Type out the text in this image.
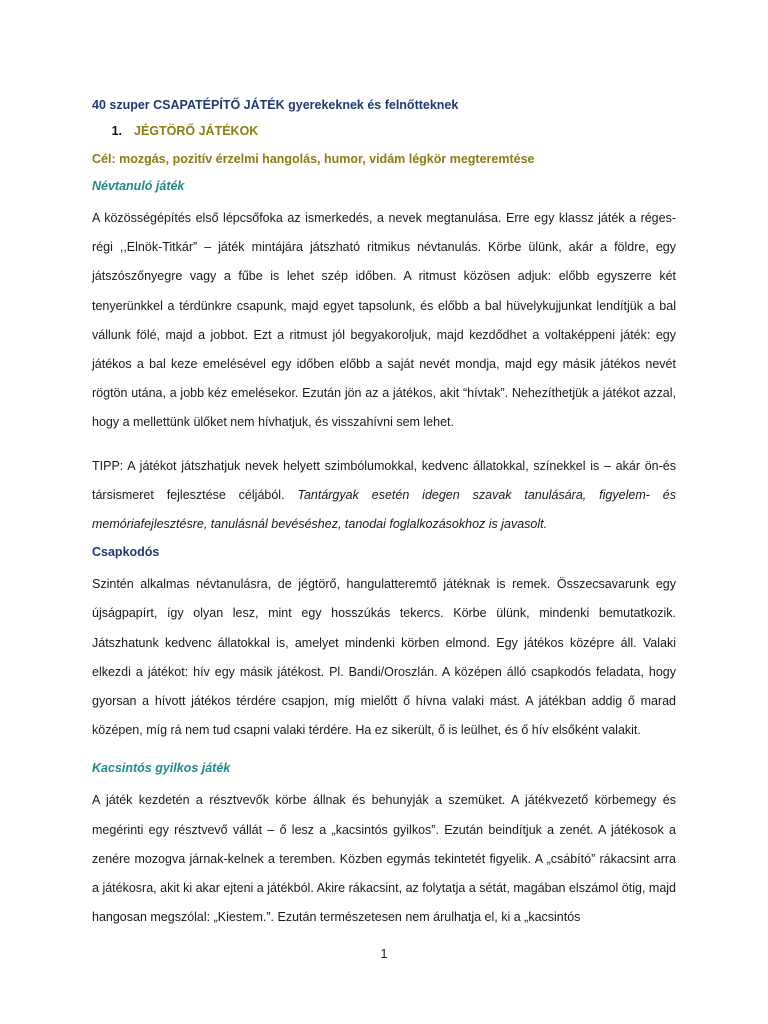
40 szuper CSAPATÉPÍTŐ JÁTÉK gyerekeknek és felnőtteknek
1. JÉGTÖRŐ JÁTÉKOK
Cél: mozgás, pozitív érzelmi hangolás, humor, vidám légkör megteremtése
Névtanuló játék

A közösségépítés első lépcsőfoka az ismerkedés, a nevek megtanulása. Erre egy klassz játék a réges-régi ,,Elnök-Titkár” – játék mintájára játszható ritmikus névtanulás. Körbe ülünk, akár a földre, egy játszószőnyegre vagy a fűbe is lehet szép időben. A ritmust közösen adjuk: előbb egyszerre két tenyerünkkel a térdünkre csapunk, majd egyet tapsolunk, és előbb a bal hüvelykujjunkat lendítjük a bal vállunk fölé, majd a jobbot. Ezt a ritmust jól begyakoroljuk, majd kezdődhet a voltaképpeni játék: egy játékos a bal keze emelésével egy időben előbb a saját nevét mondja, majd egy másik játékos nevét rögtön utána, a jobb kéz emelésekor. Ezután jön az a játékos, akit “hívtak”. Nehezíthetjük a játékot azzal, hogy a mellettünk ülőket nem hívhatjuk, és visszahívni sem lehet.

TIPP: A játékot játszhatjuk nevek helyett szimbólumokkal, kedvenc állatokkal, színekkel is – akár ön-és társismeret fejlesztése céljából. Tantárgyak esetén idegen szavak tanulására, figyelem- és memóriafejlesztésre, tanulásnál bevéséshez, tanodai foglalkozásokhoz is javasolt.

Csapkodós

Szintén alkalmas névtanulásra, de jégtörő, hangulatteremtő játéknak is remek. Összecsavarunk egy újságpapírt, így olyan lesz, mint egy hosszúkás tekercs. Körbe ülünk, mindenki bemutatkozik. Játszhatunk kedvenc állatokkal is, amelyet mindenki körben elmond. Egy játékos középre áll. Valaki elkezdi a játékot: hív egy másik játékost. Pl. Bandi/Oroszlán. A középen álló csapkodós feladata, hogy gyorsan a hívott játékos térdére csapjon, míg mielőtt ő hívna valaki mást. A játékban addig ő marad középen, míg rá nem tud csapni valaki térdére. Ha ez sikerült, ő is leülhet, és ő hív elsőként valakit.

Kacsintós gyilkos játék

A játék kezdetén a résztvevők körbe állnak és behunyják a szemüket. A játékvezető körbemegy és megérinti egy résztvevő vállát – ő lesz a „kacsintós gyilkos”. Ezután beindítjuk a zenét. A játékosok a zenére mozogva járnak-kelnek a teremben. Közben egymás tekintetét figyelik. A „csábító” rákacsint arra a játékosra, akit ki akar ejteni a játékból. Akire rákacsint, az folytatja a sétát, magában elszámol ötig, majd hangosan megszólal: „Kiestem.”. Ezután természetesen nem árulhatja el, ki a „kacsintós

1
